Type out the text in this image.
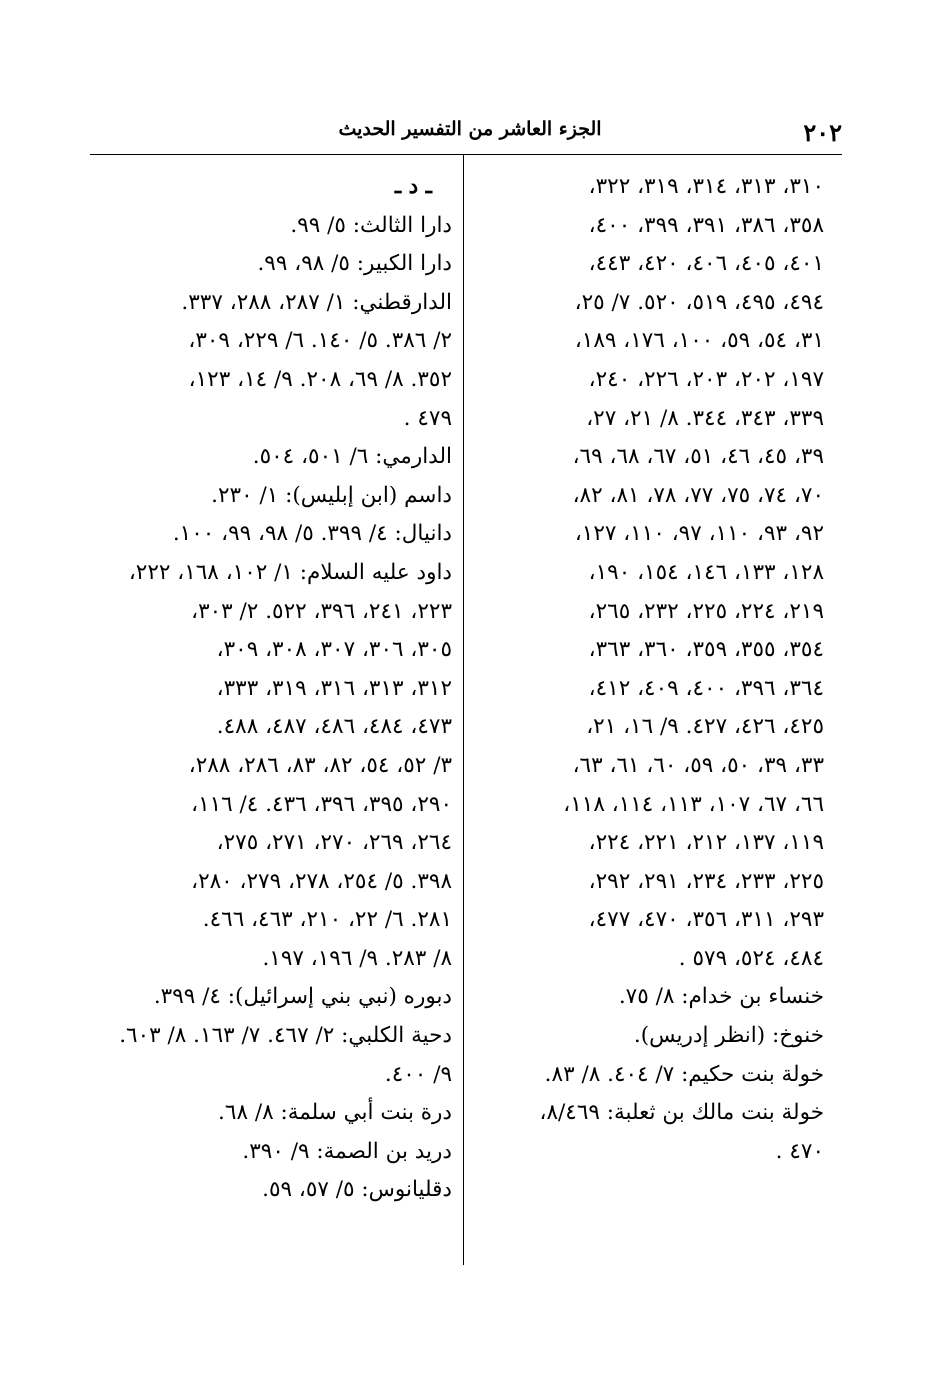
الجزء العاشر من التفسير الحديث	٢٠٢
٣١٠، ٣١٣، ٣١٤، ٣١٩، ٣٢٢،
٣٥٨، ٣٨٦، ٣٩١، ٣٩٩، ٤٠٠،
٤٠١، ٤٠٥، ٤٠٦، ٤٢٠، ٤٤٣،
٤٩٤، ٤٩٥، ٥١٩، ٥٢٠. ٧/ ٢٥،
٣١، ٥٤، ٥٩، ١٠٠، ١٧٦، ١٨٩،
١٩٧، ٢٠٢، ٢٠٣، ٢٢٦، ٢٤٠،
٣٣٩، ٣٤٣، ٣٤٤. ٨/ ٢١، ٢٧،
٣٩، ٤٥، ٤٦، ٥١، ٦٧، ٦٨، ٦٩،
٧٠، ٧٤، ٧٥، ٧٧، ٧٨، ٨١، ٨٢،
٩٢، ٩٣، ١١٠، ٩٧، ١١٠، ١٢٧،
١٢٨، ١٣٣، ١٤٦، ١٥٤، ١٩٠،
٢١٩، ٢٢٤، ٢٢٥، ٢٣٢، ٢٦٥،
٣٥٤، ٣٥٥، ٣٥٩، ٣٦٠، ٣٦٣،
٣٦٤، ٣٩٦، ٤٠٠، ٤٠٩، ٤١٢،
٤٢٥، ٤٢٦، ٤٢٧. ٩/ ١٦، ٢١،
٣٣، ٣٩، ٥٠، ٥٩، ٦٠، ٦١، ٦٣،
٦٦، ٦٧، ١٠٧، ١١٣، ١١٤، ١١٨،
١١٩، ١٣٧، ٢١٢، ٢٢١، ٢٢٤،
٢٢٥، ٢٣٣، ٢٣٤، ٢٩١، ٢٩٢،
٢٩٣، ٣١١، ٣٥٦، ٤٧٠، ٤٧٧،
٤٨٤، ٥٢٤، ٥٧٩ .
خنساء بن خدام: ٨/ ٧٥.
خنوخ: (انظر إدريس).
خولة بنت حكيم: ٧/ ٤٠٤. ٨/ ٨٣.
خولة بنت مالك بن ثعلبة: ٨/٤٦٩،
٤٧٠ .
ـ د ـ
دارا الثالث: ٥/ ٩٩.
دارا الكبير: ٥/ ٩٨، ٩٩.
الدارقطني: ١/ ٢٨٧، ٢٨٨، ٣٣٧.
٢/ ٣٨٦. ٥/ ١٤٠. ٦/ ٢٢٩، ٣٠٩،
٣٥٢. ٨/ ٦٩، ٢٠٨. ٩/ ١٤، ١٢٣،
٤٧٩ .
الدارمي: ٦/ ٥٠١، ٥٠٤.
داسم (ابن إبليس): ١/ ٢٣٠.
دانيال: ٤/ ٣٩٩. ٥/ ٩٨، ٩٩، ١٠٠.
داود عليه السلام: ١/ ١٠٢، ١٦٨، ٢٢٢،
٢٢٣، ٢٤١، ٣٩٦، ٥٢٢. ٢/ ٣٠٣،
٣٠٥، ٣٠٦، ٣٠٧، ٣٠٨، ٣٠٩،
٣١٢، ٣١٣، ٣١٦، ٣١٩، ٣٣٣،
٤٧٣، ٤٨٤، ٤٨٦، ٤٨٧، ٤٨٨.
٣/ ٥٢، ٥٤، ٨٢، ٨٣، ٢٨٦، ٢٨٨،
٢٩٠، ٣٩٥، ٣٩٦، ٤٣٦. ٤/ ١١٦،
٢٦٤، ٢٦٩، ٢٧٠، ٢٧١، ٢٧٥،
٣٩٨. ٥/ ٢٥٤، ٢٧٨، ٢٧٩، ٢٨٠،
٢٨١. ٦/ ٢٢، ٢١٠، ٤٦٣، ٤٦٦.
٨/ ٢٨٣. ٩/ ١٩٦، ١٩٧.
دبوره (نبي بني إسرائيل): ٤/ ٣٩٩.
دحية الكلبي: ٢/ ٤٦٧. ٧/ ١٦٣. ٨/ ٦٠٣.
٩/ ٤٠٠.
درة بنت أبي سلمة: ٨/ ٦٨.
دريد بن الصمة: ٩/ ٣٩٠.
دقليانوس: ٥/ ٥٧، ٥٩.
